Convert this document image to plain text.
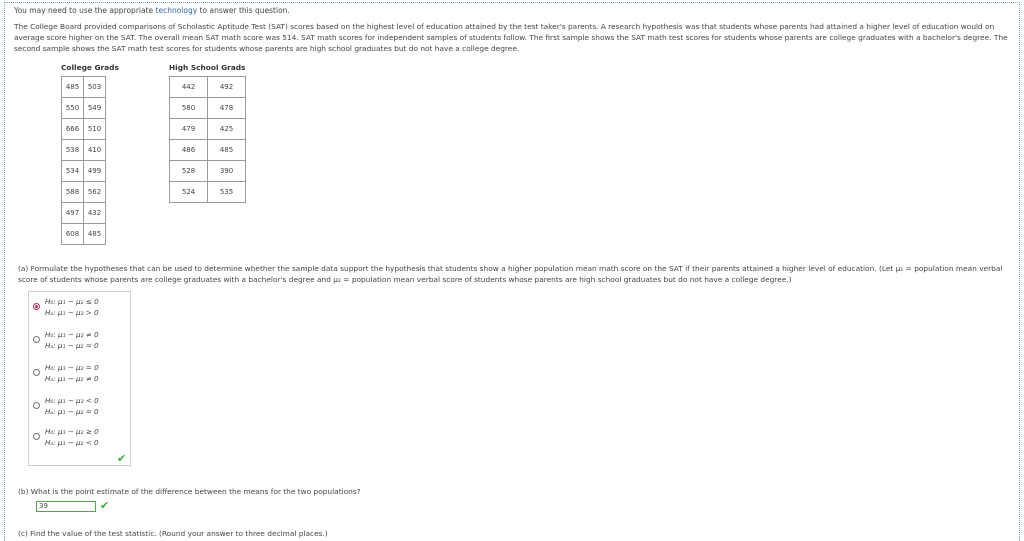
You may need to use the appropriate technology to answer this question.
The College Board provided comparisons of Scholastic Aptitude Test (SAT) scores based on the highest level of education attained by the test taker's parents. A research hypothesis was that students whose parents had attained a higher level of education would on average score higher on the SAT. The overall mean SAT math score was 514. SAT math scores for independent samples of students follow. The first sample shows the SAT math test scores for students whose parents are college graduates with a bachelor's degree. The second sample shows the SAT math test scores for students whose parents are high school graduates but do not have a college degree.
College Grads
485	503
550	549
666	510
538	410
534	499
588	562
497	432
608	485
High School Grads
442	492
580	478
479	425
486	485
528	390
524	535
(a) Formulate the hypotheses that can be used to determine whether the sample data support the hypothesis that students show a higher population mean math score on the SAT if their parents attained a higher level of education. (Let μ₁ = population mean verbal score of students whose parents are college graduates with a bachelor's degree and μ₂ = population mean verbal score of students whose parents are high school graduates but do not have a college degree.)
H₀: μ₁ − μ₂ ≤ 0
Hₐ: μ₁ − μ₂ > 0
H₀: μ₁ − μ₂ ≠ 0
Hₐ: μ₁ − μ₂ = 0
H₀: μ₁ − μ₂ = 0
Hₐ: μ₁ − μ₂ ≠ 0
H₀: μ₁ − μ₂ < 0
Hₐ: μ₁ − μ₂ = 0
H₀: μ₁ − μ₂ ≥ 0
Hₐ: μ₁ − μ₂ < 0
✔
(b) What is the point estimate of the difference between the means for the two populations?
39	✔
(c) Find the value of the test statistic. (Round your answer to three decimal places.)
